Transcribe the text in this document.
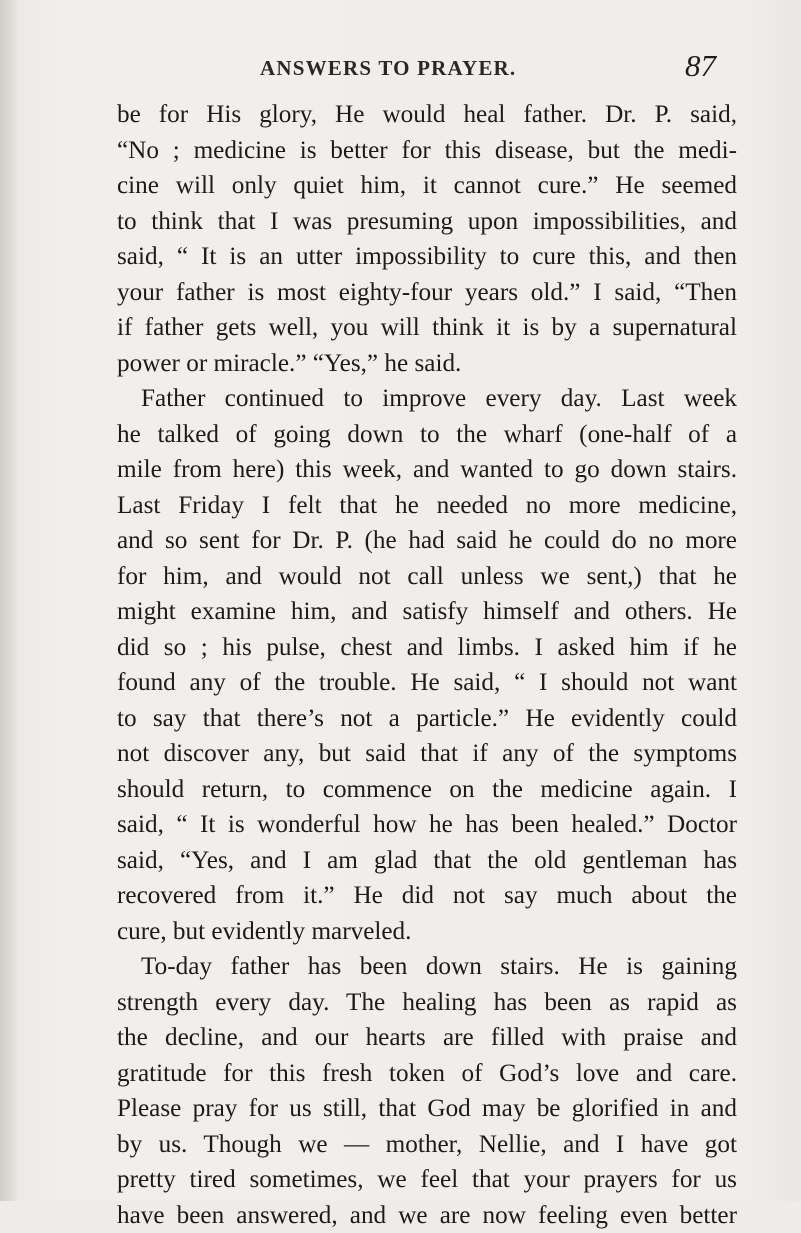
ANSWERS TO PRAYER.	87
be for His glory, He would heal father. Dr. P. said,
“No ; medicine is better for this disease, but the medi-
cine will only quiet him, it cannot cure.” He seemed
to think that I was presuming upon impossibilities, and
said, “ It is an utter impossibility to cure this, and then
your father is most eighty-four years old.” I said, “Then
if father gets well, you will think it is by a supernatural
power or miracle.” “Yes,” he said.
Father continued to improve every day. Last week
he talked of going down to the wharf (one-half of a
mile from here) this week, and wanted to go down stairs.
Last Friday I felt that he needed no more medicine,
and so sent for Dr. P. (he had said he could do no more
for him, and would not call unless we sent,) that he
might examine him, and satisfy himself and others. He
did so ; his pulse, chest and limbs. I asked him if he
found any of the trouble. He said, “ I should not want
to say that there’s not a particle.” He evidently could
not discover any, but said that if any of the symptoms
should return, to commence on the medicine again. I
said, “ It is wonderful how he has been healed.” Doctor
said, “Yes, and I am glad that the old gentleman has
recovered from it.” He did not say much about the
cure, but evidently marveled.
To-day father has been down stairs. He is gaining
strength every day. The healing has been as rapid as
the decline, and our hearts are filled with praise and
gratitude for this fresh token of God’s love and care.
Please pray for us still, that God may be glorified in and
by us. Though we — mother, Nellie, and I have got
pretty tired sometimes, we feel that your prayers for us
have been answered, and we are now feeling even better
